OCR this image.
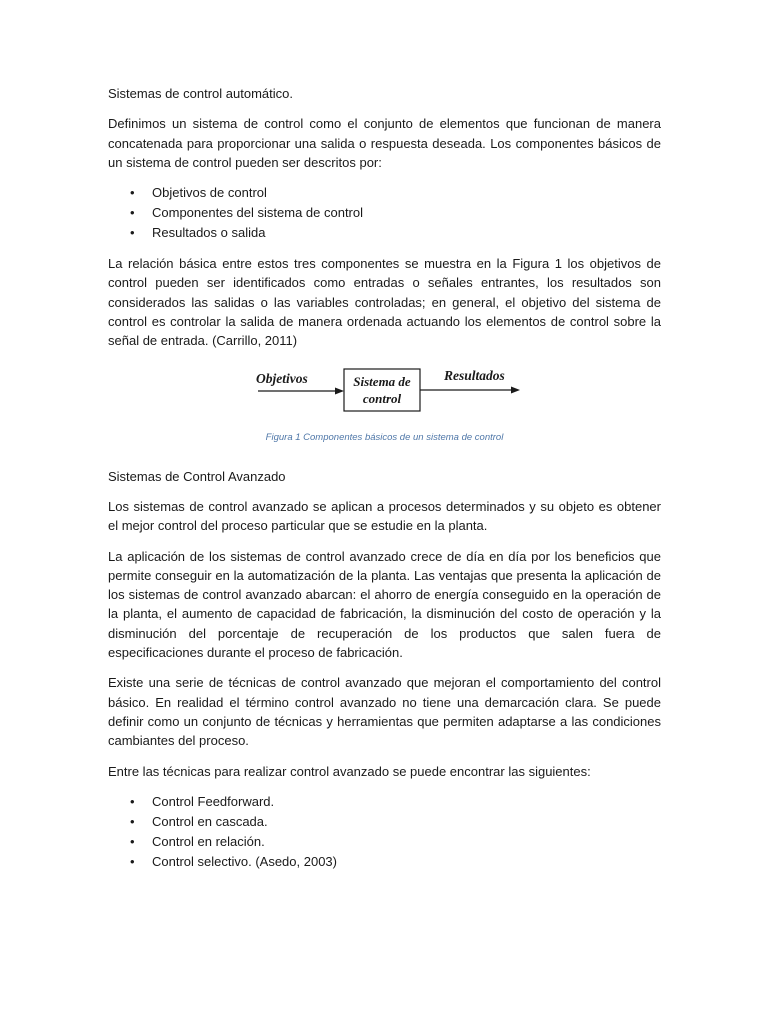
Sistemas de control automático.

Definimos un sistema de control como el conjunto de elementos que funcionan de manera concatenada para proporcionar una salida o respuesta deseada. Los componentes básicos de un sistema de control pueden ser descritos por:

• Objetivos de control
• Componentes del sistema de control
• Resultados o salida

La relación básica entre estos tres componentes se muestra en la Figura 1 los objetivos de control pueden ser identificados como entradas o señales entrantes, los resultados son considerados las salidas o las variables controladas; en general, el objetivo del sistema de control es controlar la salida de manera ordenada actuando los elementos de control sobre la señal de entrada. (Carrillo, 2011)

Objetivos	Sistema de
control
Resultados
Figura 1 Componentes básicos de un sistema de control
Sistemas de Control Avanzado

Los sistemas de control avanzado se aplican a procesos determinados y su objeto es obtener el mejor control del proceso particular que se estudie en la planta.

La aplicación de los sistemas de control avanzado crece de día en día por los beneficios que permite conseguir en la automatización de la planta. Las ventajas que presenta la aplicación de los sistemas de control avanzado abarcan: el ahorro de energía conseguido en la operación de la planta, el aumento de capacidad de fabricación, la disminución del costo de operación y la disminución del porcentaje de recuperación de los productos que salen fuera de especificaciones durante el proceso de fabricación.

Existe una serie de técnicas de control avanzado que mejoran el comportamiento del control básico. En realidad el término control avanzado no tiene una demarcación clara. Se puede definir como un conjunto de técnicas y herramientas que permiten adaptarse a las condiciones cambiantes del proceso.

Entre las técnicas para realizar control avanzado se puede encontrar las siguientes:

• Control Feedforward.
• Control en cascada.
• Control en relación.
• Control selectivo. (Asedo, 2003)
